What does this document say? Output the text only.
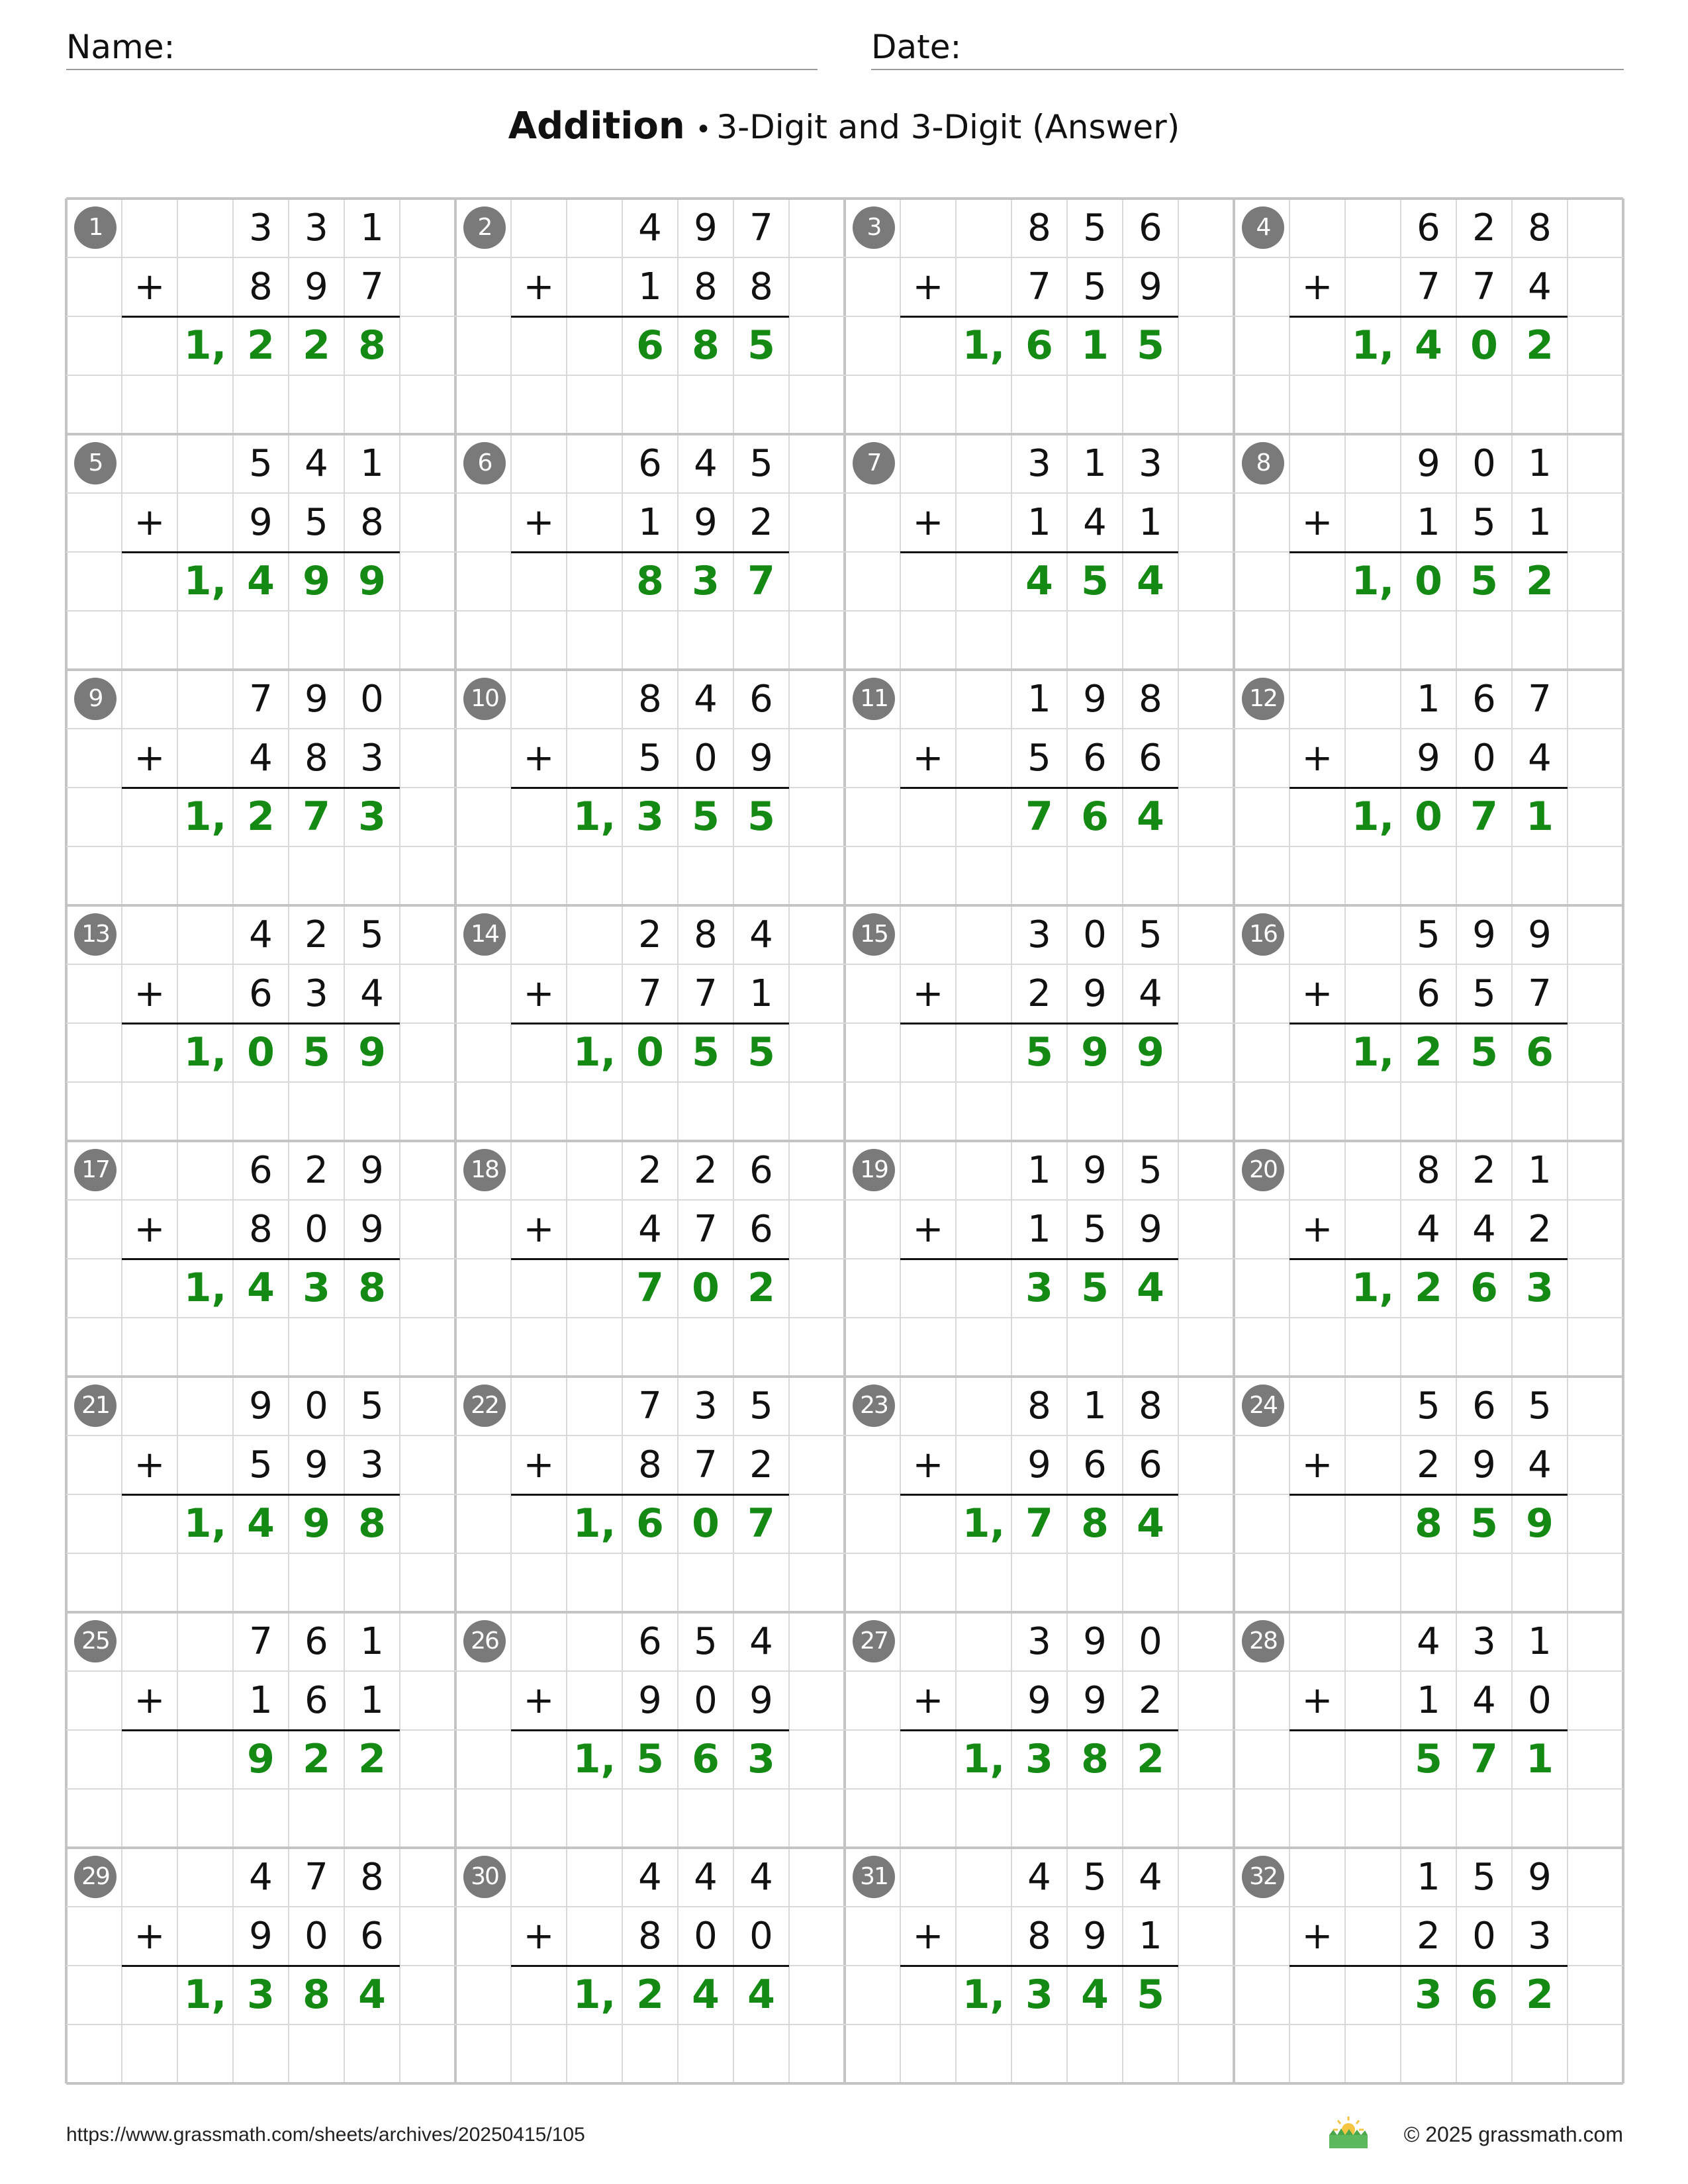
Name:	Date:
Addition • 3-Digit and 3-Digit (Answer)
1	3 3 1
+	8 9 7
1, 2 2 8
2	4 9 7
+	1 8 8
6 8 5
3	8 5 6
+	7 5 9
1, 6 1 5
4	6 2 8
+	7 7 4
1, 4 0 2
5	5 4 1
+	9 5 8
1, 4 9 9
6	6 4 5
+	1 9 2
8 3 7
7	3 1 3
+	1 4 1
4 5 4
8	9 0 1
+	1 5 1
1, 0 5 2
9	7 9 0
+	4 8 3
1, 2 7 3
10	8 4 6
+	5 0 9
1, 3 5 5
11	1 9 8
+	5 6 6
7 6 4
12	1 6 7
+	9 0 4
1, 0 7 1
13	4 2 5
+	6 3 4
1, 0 5 9
14	2 8 4
+	7 7 1
1, 0 5 5
15	3 0 5
+	2 9 4
5 9 9
16	5 9 9
+	6 5 7
1, 2 5 6
17	6 2 9
+	8 0 9
1, 4 3 8
18	2 2 6
+	4 7 6
7 0 2
19	1 9 5
+	1 5 9
3 5 4
20	8 2 1
+	4 4 2
1, 2 6 3
21	9 0 5
+	5 9 3
1, 4 9 8
22	7 3 5
+	8 7 2
1, 6 0 7
23	8 1 8
+	9 6 6
1, 7 8 4
24	5 6 5
+	2 9 4
8 5 9
25	7 6 1
+	1 6 1
9 2 2
26	6 5 4
+	9 0 9
1, 5 6 3
27	3 9 0
+	9 9 2
1, 3 8 2
28	4 3 1
+	1 4 0
5 7 1
29	4 7 8
+	9 0 6
1, 3 8 4
30	4 4 4
+	8 0 0
1, 2 4 4
31	4 5 4
+	8 9 1
1, 3 4 5
32	1 5 9
+	2 0 3
3 6 2
https://www.grassmath.com/sheets/archives/20250415/105	© 2025 grassmath.com
